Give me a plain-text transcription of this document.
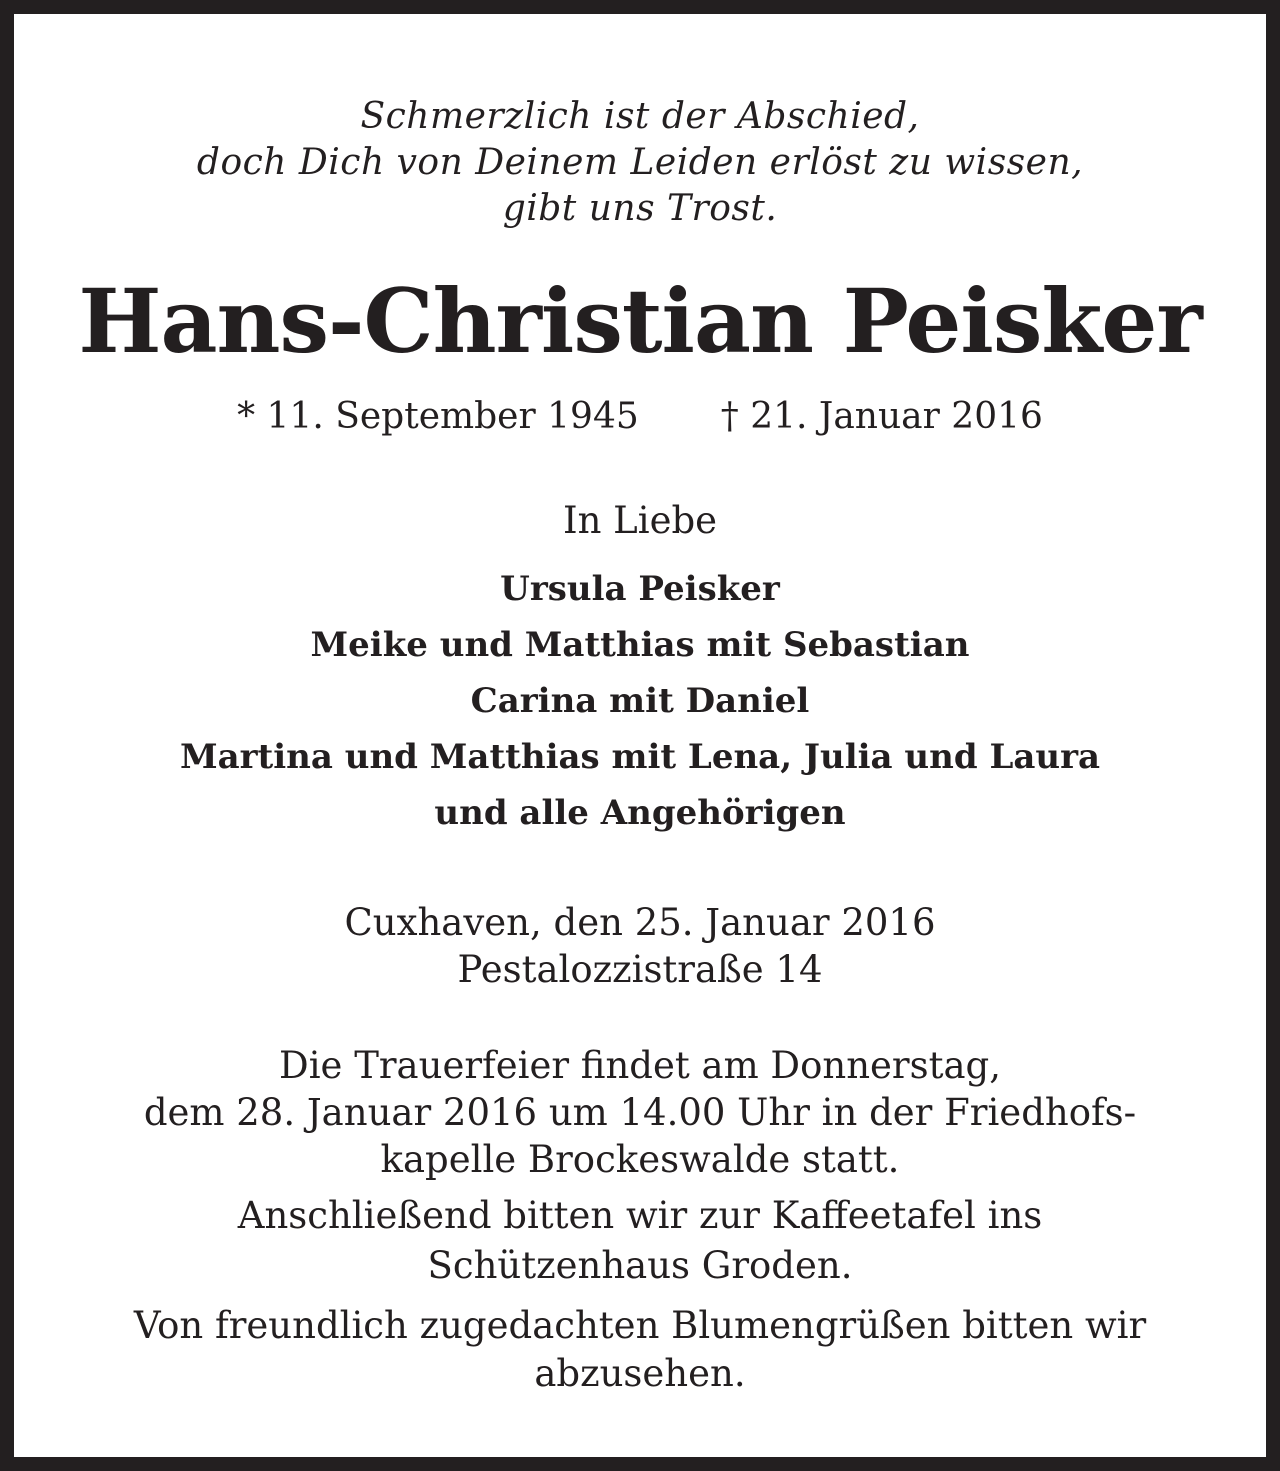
Schmerzlich ist der Abschied,
doch Dich von Deinem Leiden erlöst zu wissen,
gibt uns Trost.
Hans-Christian Peisker
* 11. September 1945 † 21. Januar 2016
In Liebe
Ursula Peisker
Meike und Matthias mit Sebastian
Carina mit Daniel
Martina und Matthias mit Lena, Julia und Laura
und alle Angehörigen
Cuxhaven, den 25. Januar 2016
Pestalozzistraße 14
Die Trauerfeier findet am Donnerstag,
dem 28. Januar 2016 um 14.00 Uhr in der Friedhofs-
kapelle Brockeswalde statt.
Anschließend bitten wir zur Kaffeetafel ins
Schützenhaus Groden.
Von freundlich zugedachten Blumengrüßen bitten wir
abzusehen.
